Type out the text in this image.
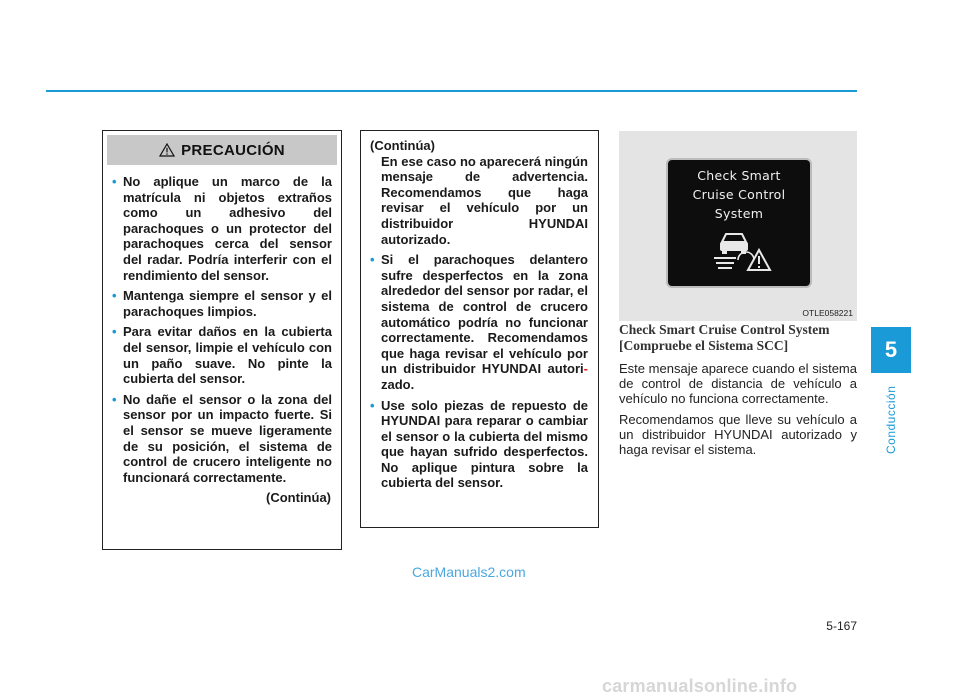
5
Conducción
PRECAUCIÓN
• No aplique un marco de la matrícula ni objetos extraños como un adhesivo del parachoques o un protector del parachoques cerca del sensor del radar. Podría interferir con el rendimiento del sensor.
• Mantenga siempre el sensor y el parachoques limpios.
• Para evitar daños en la cubierta del sensor, limpie el vehículo con un paño suave. No pinte la cubierta del sensor.
• No dañe el sensor o la zona del sensor por un impacto fuerte. Si el sensor se mueve ligeramente de su posición, el sistema de control de crucero inteligente no funcionará correctamente.
(Continúa)
(Continúa)
En ese caso no aparecerá ningún mensaje de advertencia. Recomendamos que haga revisar el vehículo por un distribuidor HYUNDAI autorizado.
• Si el parachoques delantero sufre desperfectos en la zona alrededor del sensor por radar, el sistema de control de crucero automático podría no funcionar correctamente. Recomendamos que haga revisar el vehículo por un distribuidor HYUNDAI autori-zado.
• Use solo piezas de repuesto de HYUNDAI para reparar o cambiar el sensor o la cubierta del mismo que hayan sufrido desperfectos. No aplique pintura sobre la cubierta del sensor.
Check Smart
Cruise Control
System
OTLE058221
Check Smart Cruise Control System
[Compruebe el Sistema SCC]
Este mensaje aparece cuando el sistema de control de distancia de vehículo a vehículo no funciona correctamente.
Recomendamos que lleve su vehículo a un distribuidor HYUNDAI autorizado y haga revisar el sistema.
5-167
CarManuals2.com
carmanualsonline.info
